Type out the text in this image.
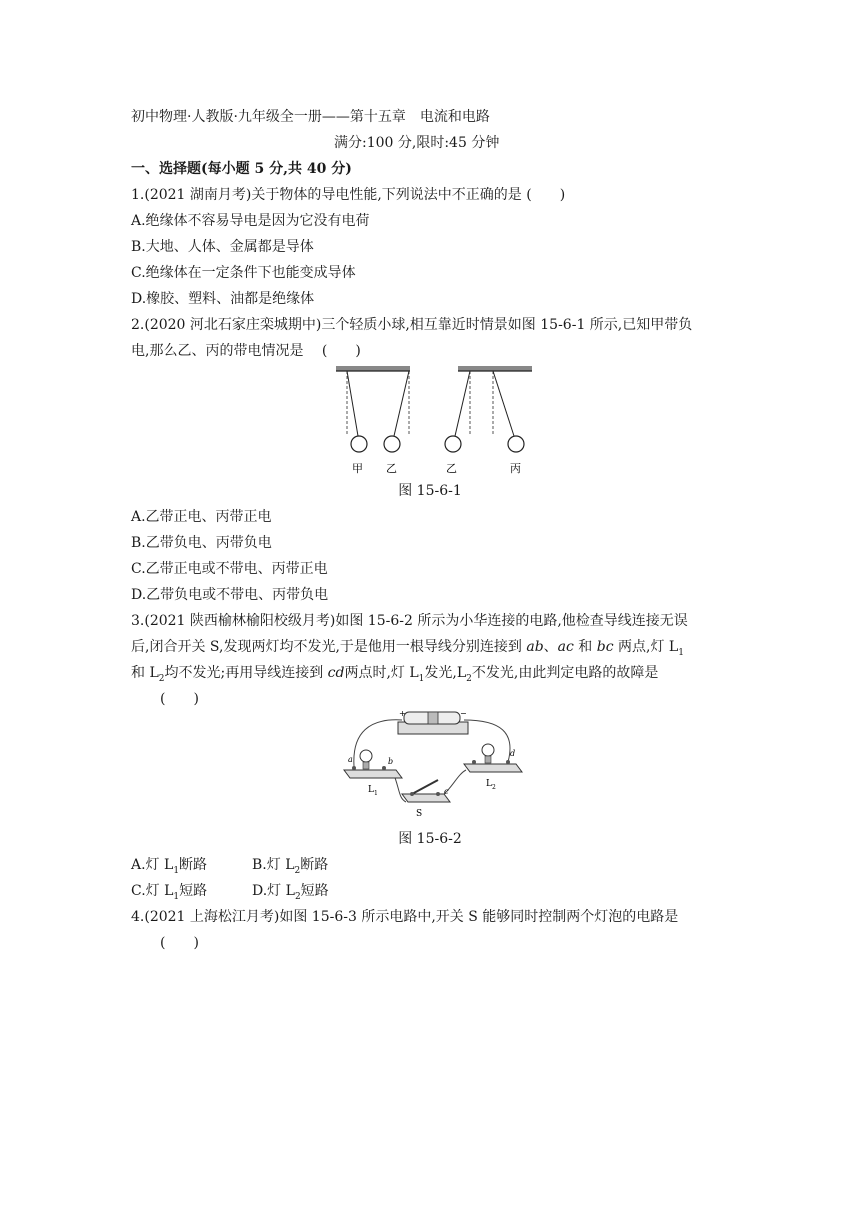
初中物理·人教版·九年级全一册——第十五章　电流和电路
满分:100 分,限时:45 分钟
一、选择题(每小题 5 分,共 40 分)
1.(2021 湖南月考)关于物体的导电性能,下列说法中不正确的是 (　　)
A.绝缘体不容易导电是因为它没有电荷
B.大地、人体、金属都是导体
C.绝缘体在一定条件下也能变成导体
D.橡胶、塑料、油都是绝缘体
2.(2020 河北石家庄栾城期中)三个轻质小球,相互靠近时情景如图 15-6-1 所示,已知甲带负
电,那么乙、丙的带电情况是　 (　　)
甲 乙	乙	丙
图 15-6-1
A.乙带正电、丙带正电
B.乙带负电、丙带负电
C.乙带正电或不带电、丙带正电
D.乙带负电或不带电、丙带负电
3.(2021 陕西榆林榆阳校级月考)如图 15-6-2 所示为小华连接的电路,他检查导线连接无误
后,闭合开关 S,发现两灯均不发光,于是他用一根导线分别连接到 ab、ac 和 bc 两点,灯 $L_1$
和 $L_2$均不发光;再用导线连接到 cd两点时,灯 $L_1$发光$,L_2$不发光,由此判定电路的故障是
(　　)
+	−
a	b
L 1
d
L 2
c
S
图 15-6-2
A.灯 $L_1$断路	B.灯 $L_2$断路
C.灯 $L_1$短路	D.灯 $L_2$短路
4.(2021 上海松江月考)如图 15-6-3 所示电路中,开关 S 能够同时控制两个灯泡的电路是
(　　)
